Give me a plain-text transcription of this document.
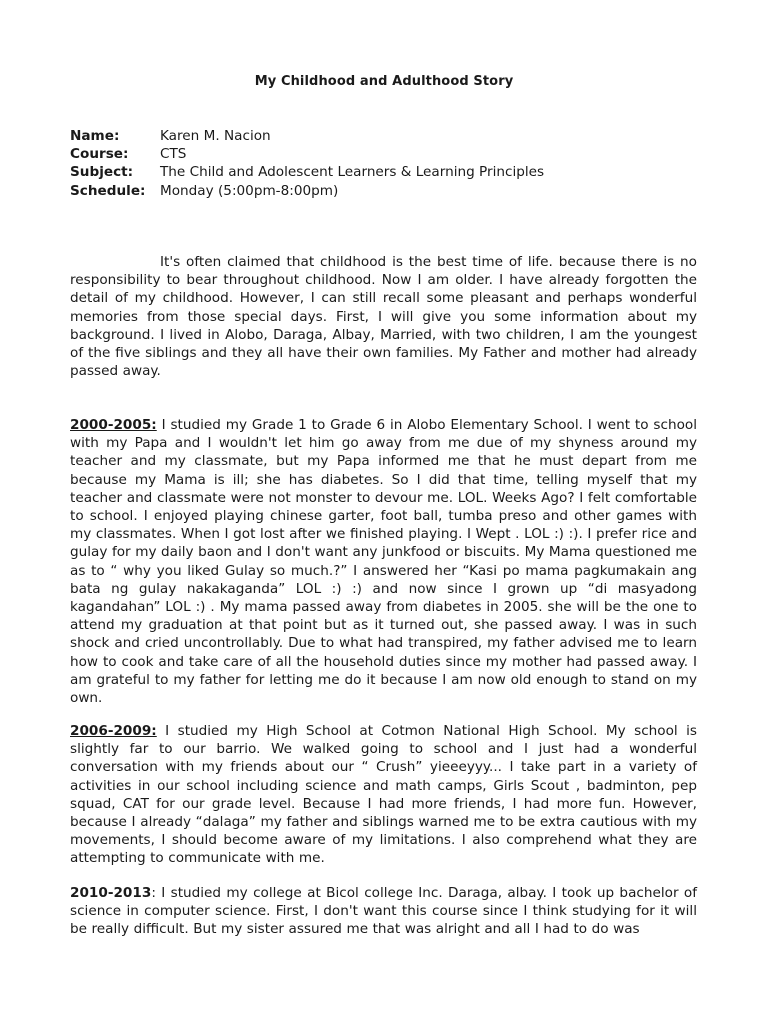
My Childhood and Adulthood Story
Name:	Karen M. Nacion
Course:	CTS
Subject:	The Child and Adolescent Learners & Learning Principles
Schedule:	Monday (5:00pm-8:00pm)

It's often claimed that childhood is the best time of life. because there is no responsibility to bear throughout childhood. Now I am older. I have already forgotten the detail of my childhood. However, I can still recall some pleasant and perhaps wonderful memories from those special days. First, I will give you some information about my background. I lived in Alobo, Daraga, Albay, Married, with two children, I am the youngest of the five siblings and they all have their own families. My Father and mother had already passed away.

2000-2005: I studied my Grade 1 to Grade 6 in Alobo Elementary School. I went to school with my Papa and I wouldn't let him go away from me due of my shyness around my teacher and my classmate, but my Papa informed me that he must depart from me because my Mama is ill; she has diabetes. So I did that time, telling myself that my teacher and classmate were not monster to devour me. LOL. Weeks Ago? I felt comfortable to school. I enjoyed playing chinese garter, foot ball, tumba preso and other games with my classmates. When I got lost after we finished playing. I Wept . LOL :) :). I prefer rice and gulay for my daily baon and I don't want any junkfood or biscuits. My Mama questioned me as to “ why you liked Gulay so much.?” I answered her “Kasi po mama pagkumakain ang bata ng gulay nakakaganda” LOL :) :) and now since I grown up “di masyadong kagandahan” LOL :) . My mama passed away from diabetes in 2005. she will be the one to attend my graduation at that point but as it turned out, she passed away. I was in such shock and cried uncontrollably. Due to what had transpired, my father advised me to learn how to cook and take care of all the household duties since my mother had passed away. I am grateful to my father for letting me do it because I am now old enough to stand on my own.

2006-2009: I studied my High School at Cotmon National High School. My school is slightly far to our barrio. We walked going to school and I just had a wonderful conversation with my friends about our “ Crush” yieeeyyy... I take part in a variety of activities in our school including science and math camps, Girls Scout , badminton, pep squad, CAT for our grade level. Because I had more friends, I had more fun. However, because I already “dalaga” my father and siblings warned me to be extra cautious with my movements, I should become aware of my limitations. I also comprehend what they are attempting to communicate with me.

2010-2013: I studied my college at Bicol college Inc. Daraga, albay. I took up bachelor of science in computer science. First, I don't want this course since I think studying for it will be really difficult. But my sister assured me that was alright and all I had to do was
